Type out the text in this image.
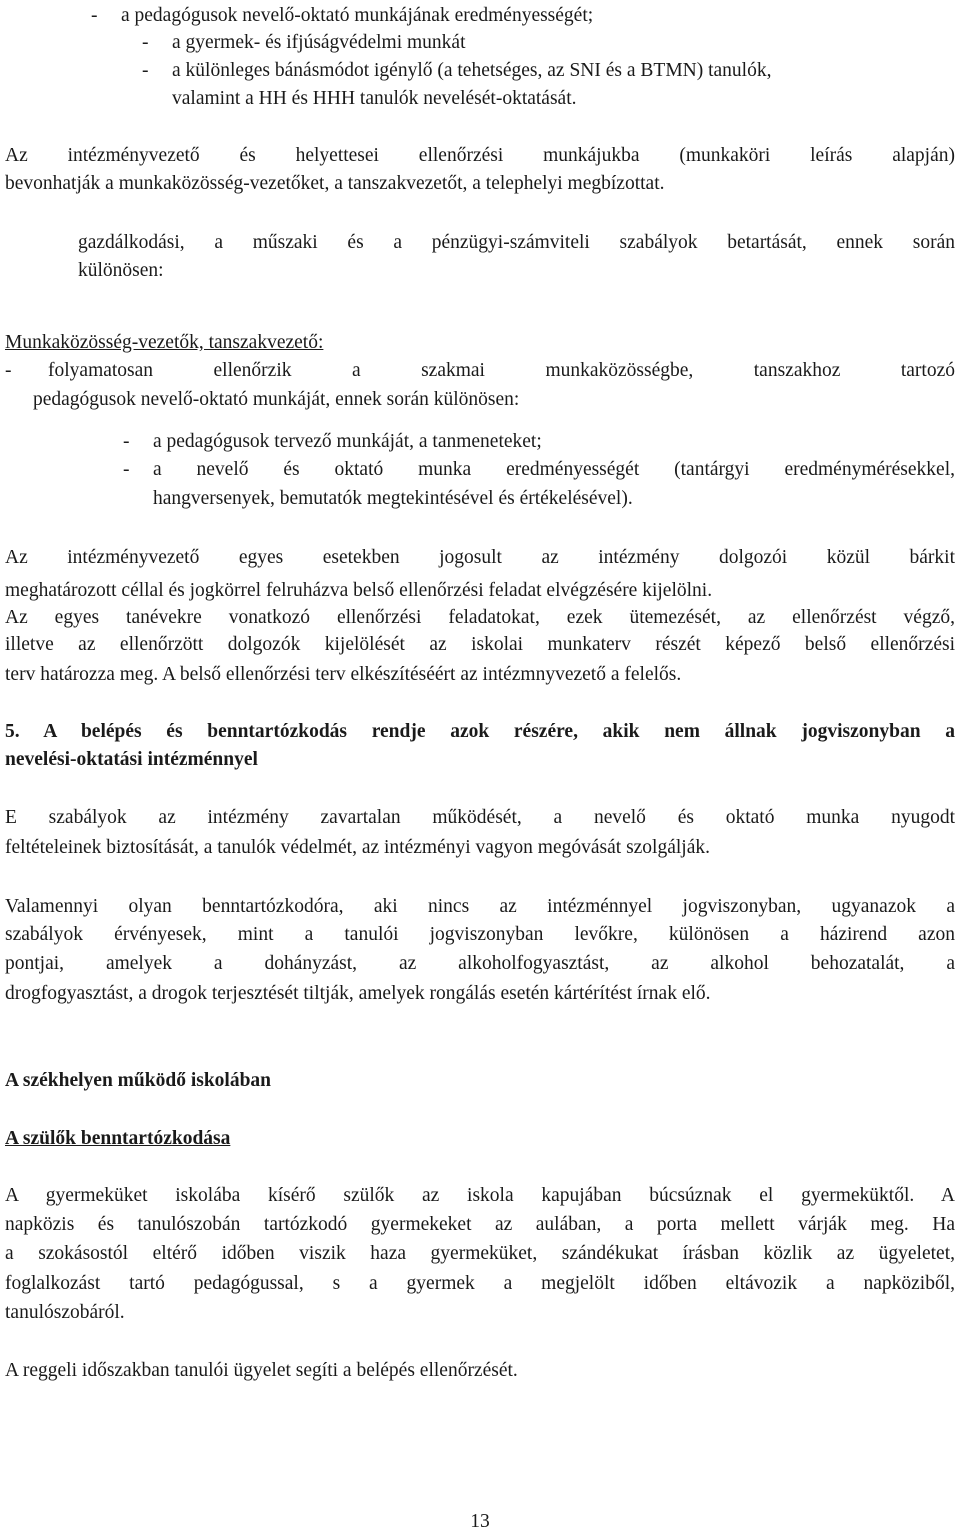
- a pedagógusok nevelő-oktató munkájának eredményességét;
- a gyermek- és ifjúságvédelmi munkát
- a különleges bánásmódot igénylő (a tehetséges, az SNI és a BTMN) tanulók,
valamint a HH és HHH tanulók nevelését-oktatását.
Az intézményvezető és helyettesei ellenőrzési munkájukba (munkaköri leírás alapján)
bevonhatják a munkaközösség-vezetőket, a tanszakvezetőt, a telephelyi megbízottat.
gazdálkodási, a műszaki és a pénzügyi-számviteli szabályok betartását, ennek során
különösen:
Munkaközösség-vezetők, tanszakvezető:
- folyamatosan ellenőrzik a szakmai munkaközösségbe, tanszakhoz tartozó
pedagógusok nevelő-oktató munkáját, ennek során különösen:
- a pedagógusok tervező munkáját, a tanmeneteket;
- a nevelő és oktató munka eredményességét (tantárgyi eredménymérésekkel,
hangversenyek, bemutatók megtekintésével és értékelésével).
Az intézményvezető egyes esetekben jogosult az intézmény dolgozói közül bárkit
meghatározott céllal és jogkörrel felruházva belső ellenőrzési feladat elvégzésére kijelölni.
Az egyes tanévekre vonatkozó ellenőrzési feladatokat, ezek ütemezését, az ellenőrzést végző,
illetve az ellenőrzött dolgozók kijelölését az iskolai munkaterv részét képező belső ellenőrzési
terv határozza meg. A belső ellenőrzési terv elkészítéséért az intézmnyvezető a felelős.
5. A belépés és benntartózkodás rendje azok részére, akik nem állnak jogviszonyban a
nevelési-oktatási intézménnyel
E szabályok az intézmény zavartalan működését, a nevelő és oktató munka nyugodt
feltételeinek biztosítását, a tanulók védelmét, az intézményi vagyon megóvását szolgálják.
Valamennyi olyan benntartózkodóra, aki nincs az intézménnyel jogviszonyban, ugyanazok a
szabályok érvényesek, mint a tanulói jogviszonyban levőkre, különösen a házirend azon
pontjai, amelyek a dohányzást, az alkoholfogyasztást, az alkohol behozatalát, a
drogfogyasztást, a drogok terjesztését tiltják, amelyek rongálás esetén kártérítést írnak elő.
A székhelyen működő iskolában
A szülők benntartózkodása
A gyermeküket iskolába kísérő szülők az iskola kapujában búcsúznak el gyermeküktől. A
napközis és tanulószobán tartózkodó gyermekeket az aulában, a porta mellett várják meg. Ha
a szokásostól eltérő időben viszik haza gyermeküket, szándékukat írásban közlik az ügyeletet,
foglalkozást tartó pedagógussal, s a gyermek a megjelölt időben eltávozik a napköziből,
tanulószobáról.
A reggeli időszakban tanulói ügyelet segíti a belépés ellenőrzését.
13
